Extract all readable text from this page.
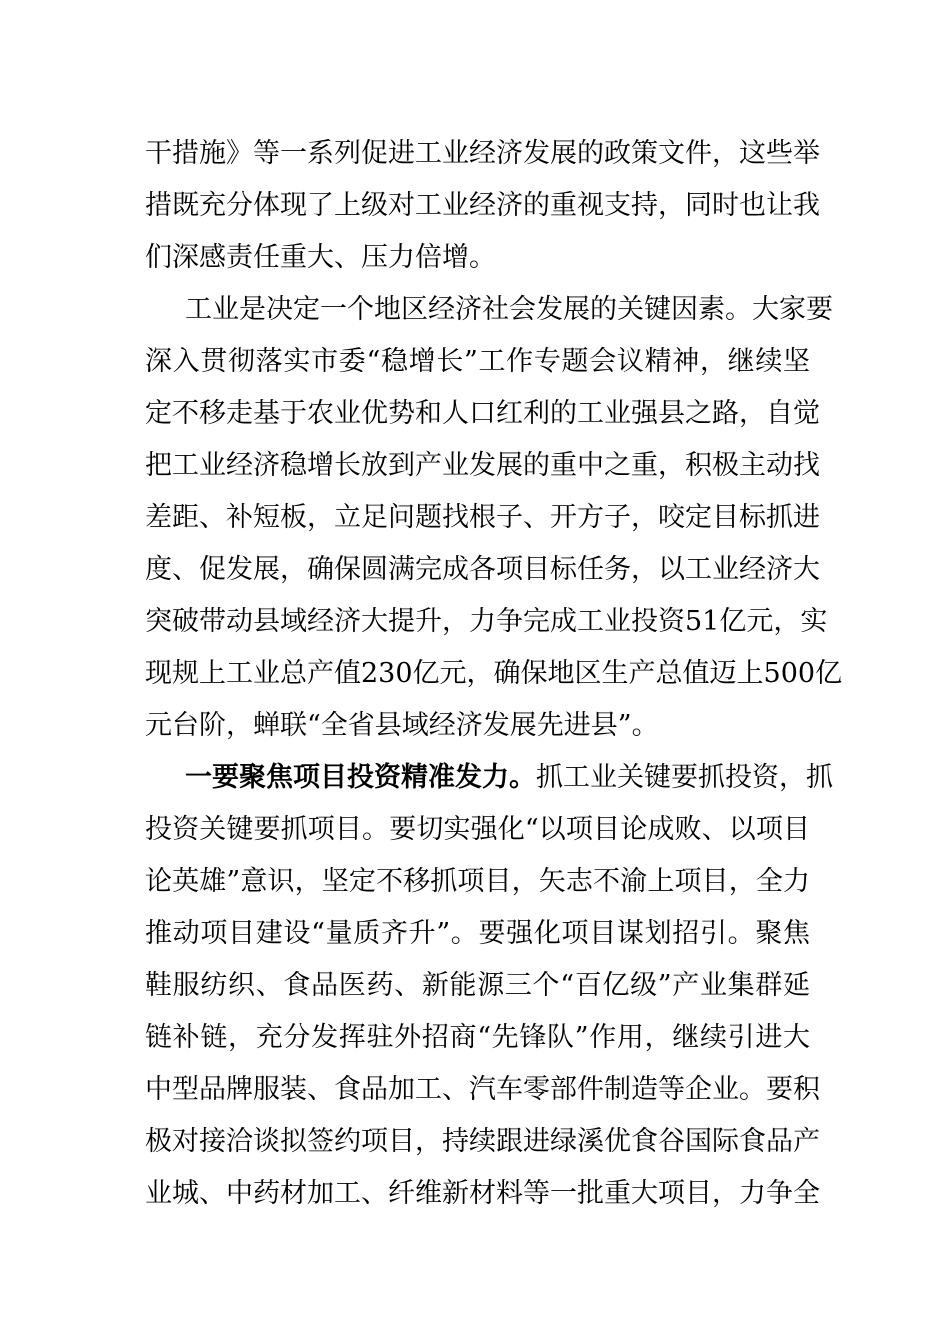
干措施》等一系列促进工业经济发展的政策文件，这些举
措既充分体现了上级对工业经济的重视支持，同时也让我
们深感责任重大、压力倍增。
工业是决定一个地区经济社会发展的关键因素。大家要
深入贯彻落实市委“稳增长”工作专题会议精神，继续坚
定不移走基于农业优势和人口红利的工业强县之路，自觉
把工业经济稳增长放到产业发展的重中之重，积极主动找
差距、补短板，立足问题找根子、开方子，咬定目标抓进
度、促发展，确保圆满完成各项目标任务，以工业经济大
突破带动县域经济大提升，力争完成工业投资51亿元，实
现规上工业总产值230亿元，确保地区生产总值迈上500亿
元台阶，蝉联“全省县域经济发展先进县”。
一要聚焦项目投资精准发力。抓工业关键要抓投资，抓
投资关键要抓项目。要切实强化“以项目论成败、以项目
论英雄”意识，坚定不移抓项目，矢志不渝上项目，全力
推动项目建设“量质齐升”。要强化项目谋划招引。聚焦
鞋服纺织、食品医药、新能源三个“百亿级”产业集群延
链补链，充分发挥驻外招商“先锋队”作用，继续引进大
中型品牌服装、食品加工、汽车零部件制造等企业。要积
极对接洽谈拟签约项目，持续跟进绿溪优食谷国际食品产
业城、中药材加工、纤维新材料等一批重大项目，力争全
